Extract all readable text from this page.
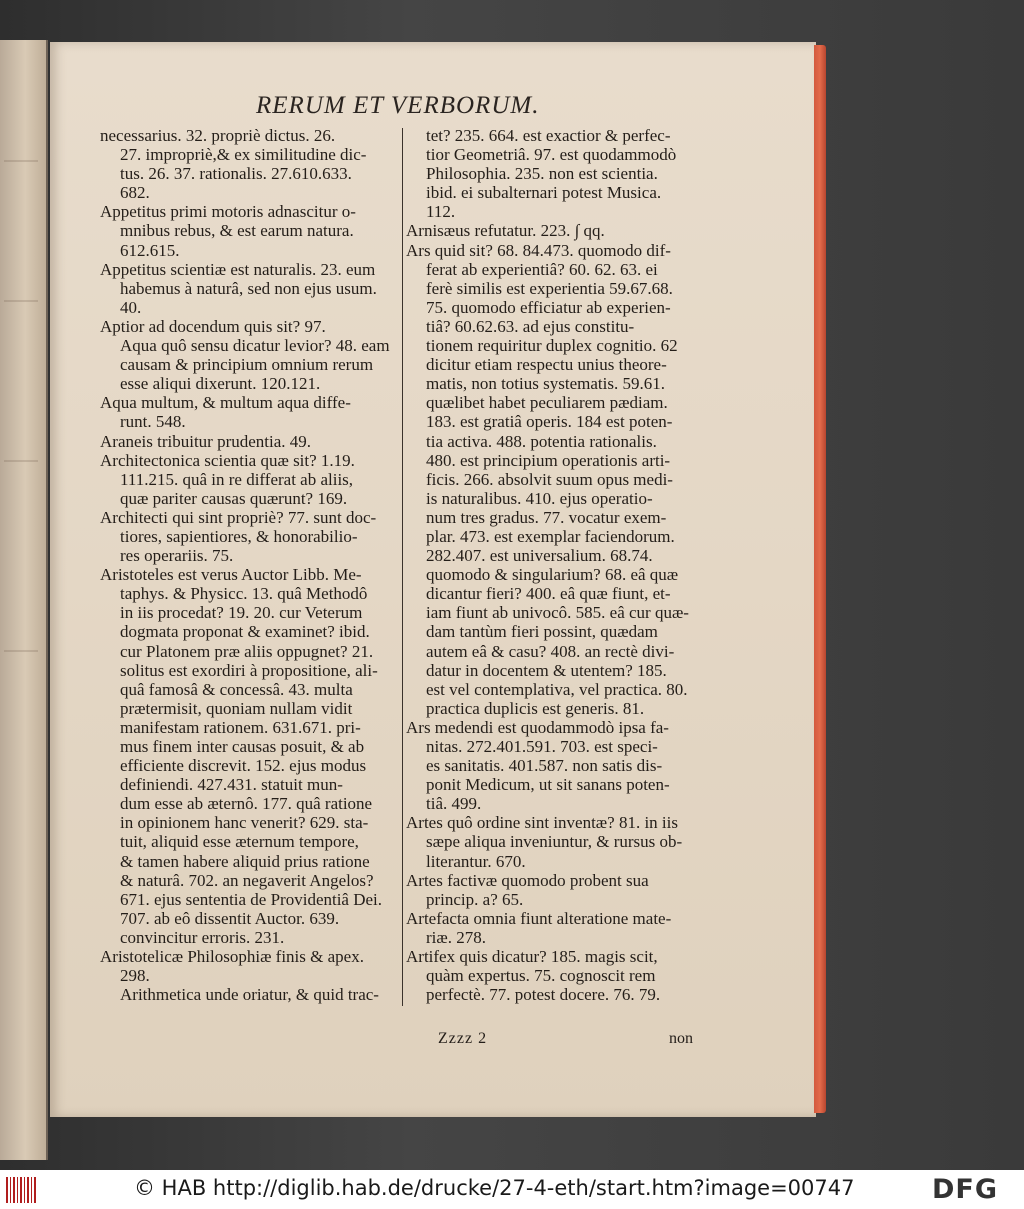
RERUM ET VERBORUM.
necessarius. 32. propriè dictus. 26.
27. impropriè,& ex similitudine dic-
tus. 26. 37. rationalis. 27.610.633.
682.
Appetitus primi motoris adnascitur o-
mnibus rebus, & est earum natura.
612.615.
Appetitus scientiæ est naturalis. 23. eum
habemus à naturâ, sed non ejus usum.
40.
Aptior ad docendum quis sit? 97.
Aqua quô sensu dicatur levior? 48. eam
causam & principium omnium rerum
esse aliqui dixerunt. 120.121.
Aqua multum, & multum aqua diffe-
runt. 548.
Araneis tribuitur prudentia. 49.
Architectonica scientia quæ sit? 1.19.
111.215. quâ in re differat ab aliis,
quæ pariter causas quærunt? 169.
Architecti qui sint propriè? 77. sunt doc-
tiores, sapientiores, & honorabilio-
res operariis. 75.
Aristoteles est verus Auctor Libb. Me-
taphys. & Physicc. 13. quâ Methodô
in iis procedat? 19. 20. cur Veterum
dogmata proponat & examinet? ibid.
cur Platonem præ aliis oppugnet? 21.
solitus est exordiri à propositione, ali-
quâ famosâ & concessâ. 43. multa
prætermisit, quoniam nullam vidit
manifestam rationem. 631.671. pri-
mus finem inter causas posuit, & ab
efficiente discrevit. 152. ejus modus
definiendi. 427.431. statuit mun-
dum esse ab æternô. 177. quâ ratione
in opinionem hanc venerit? 629. sta-
tuit, aliquid esse æternum tempore,
& tamen habere aliquid prius ratione
& naturâ. 702. an negaverit Angelos?
671. ejus sententia de Providentiâ Dei.
707. ab eô dissentit Auctor. 639.
convincitur erroris. 231.
Aristotelicæ Philosophiæ finis & apex.
298.
Arithmetica unde oriatur, & quid trac-
tet? 235. 664. est exactior & perfec-
tior Geometriâ. 97. est quodammodò
Philosophia. 235. non est scientia.
ibid. ei subalternari potest Musica.
112.
Arnisæus refutatur. 223. ∫ qq.
Ars quid sit? 68. 84.473. quomodo dif-
ferat ab experientiâ? 60. 62. 63. ei
ferè similis est experientia 59.67.68.
75. quomodo efficiatur ab experien-
tiâ? 60.62.63. ad ejus constitu-
tionem requiritur duplex cognitio. 62
dicitur etiam respectu unius theore-
matis, non totius systematis. 59.61.
quælibet habet peculiarem pædiam.
183. est gratiâ operis. 184 est poten-
tia activa. 488. potentia rationalis.
480. est principium operationis arti-
ficis. 266. absolvit suum opus medi-
is naturalibus. 410. ejus operatio-
num tres gradus. 77. vocatur exem-
plar. 473. est exemplar faciendorum.
282.407. est universalium. 68.74.
quomodo & singularium? 68. eâ quæ
dicantur fieri? 400. eâ quæ fiunt, et-
iam fiunt ab univocô. 585. eâ cur quæ-
dam tantùm fieri possint, quædam
autem eâ & casu? 408. an rectè divi-
datur in docentem & utentem? 185.
est vel contemplativa, vel practica. 80.
practica duplicis est generis. 81.
Ars medendi est quodammodò ipsa fa-
nitas. 272.401.591. 703. est speci-
es sanitatis. 401.587. non satis dis-
ponit Medicum, ut sit sanans poten-
tiâ. 499.
Artes quô ordine sint inventæ? 81. in iis
sæpe aliqua inveniuntur, & rursus ob-
literantur. 670.
Artes factivæ quomodo probent sua
princip. a? 65.
Artefacta omnia fiunt alteratione mate-
riæ. 278.
Artifex quis dicatur? 185. magis scit,
quàm expertus. 75. cognoscit rem
perfectè. 77. potest docere. 76. 79.
Zzzz 2	non
© HAB http://diglib.hab.de/drucke/27-4-eth/start.htm?image=00747	DFG
